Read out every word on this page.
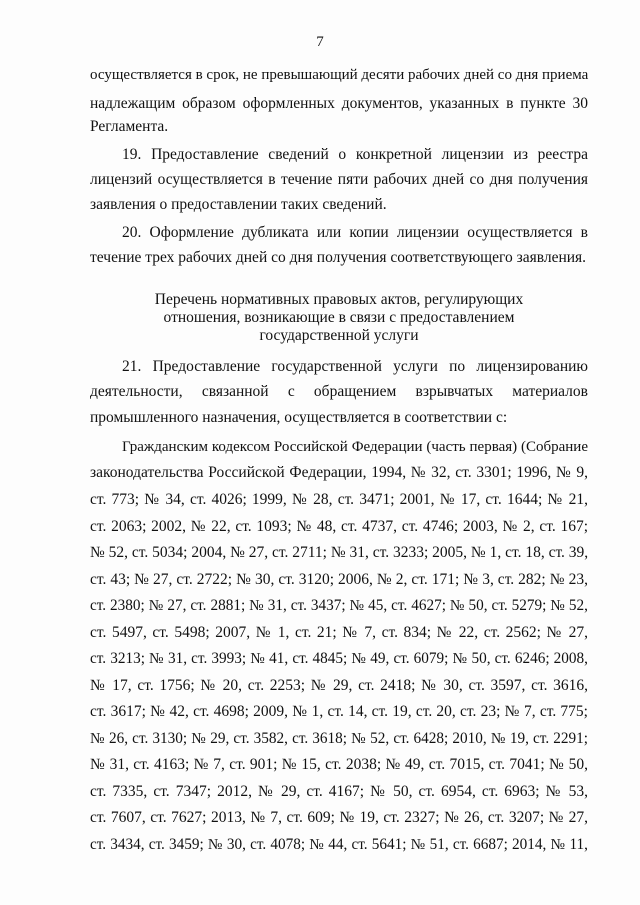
7
осуществляется в срок, не превышающий десяти рабочих дней со дня приема
надлежащим образом оформленных документов, указанных в пункте 30
Регламента.
19. Предоставление сведений о конкретной лицензии из реестра
лицензий осуществляется в течение пяти рабочих дней со дня получения
заявления о предоставлении таких сведений.
20. Оформление дубликата или копии лицензии осуществляется в
течение трех рабочих дней со дня получения соответствующего заявления.
Перечень нормативных правовых актов, регулирующих
отношения, возникающие в связи с предоставлением
государственной услуги
21. Предоставление государственной услуги по лицензированию
деятельности, связанной с обращением взрывчатых материалов
промышленного назначения, осуществляется в соответствии с:
Гражданским кодексом Российской Федерации (часть первая) (Собрание
законодательства Российской Федерации, 1994, № 32, ст. 3301; 1996, № 9,
ст. 773; № 34, ст. 4026; 1999, № 28, ст. 3471; 2001, № 17, ст. 1644; № 21,
ст. 2063; 2002, № 22, ст. 1093; № 48, ст. 4737, ст. 4746; 2003, № 2, ст. 167;
№ 52, ст. 5034; 2004, № 27, ст. 2711; № 31, ст. 3233; 2005, № 1, ст. 18, ст. 39,
ст. 43; № 27, ст. 2722; № 30, ст. 3120; 2006, № 2, ст. 171; № 3, ст. 282; № 23,
ст. 2380; № 27, ст. 2881; № 31, ст. 3437; № 45, ст. 4627; № 50, ст. 5279; № 52,
ст. 5497, ст. 5498; 2007, № 1, ст. 21; № 7, ст. 834; № 22, ст. 2562; № 27,
ст. 3213; № 31, ст. 3993; № 41, ст. 4845; № 49, ст. 6079; № 50, ст. 6246; 2008,
№ 17, ст. 1756; № 20, ст. 2253; № 29, ст. 2418; № 30, ст. 3597, ст. 3616,
ст. 3617; № 42, ст. 4698; 2009, № 1, ст. 14, ст. 19, ст. 20, ст. 23; № 7, ст. 775;
№ 26, ст. 3130; № 29, ст. 3582, ст. 3618; № 52, ст. 6428; 2010, № 19, ст. 2291;
№ 31, ст. 4163; № 7, ст. 901; № 15, ст. 2038; № 49, ст. 7015, ст. 7041; № 50,
ст. 7335, ст. 7347; 2012, № 29, ст. 4167; № 50, ст. 6954, ст. 6963; № 53,
ст. 7607, ст. 7627; 2013, № 7, ст. 609; № 19, ст. 2327; № 26, ст. 3207; № 27,
ст. 3434, ст. 3459; № 30, ст. 4078; № 44, ст. 5641; № 51, ст. 6687; 2014, № 11,
